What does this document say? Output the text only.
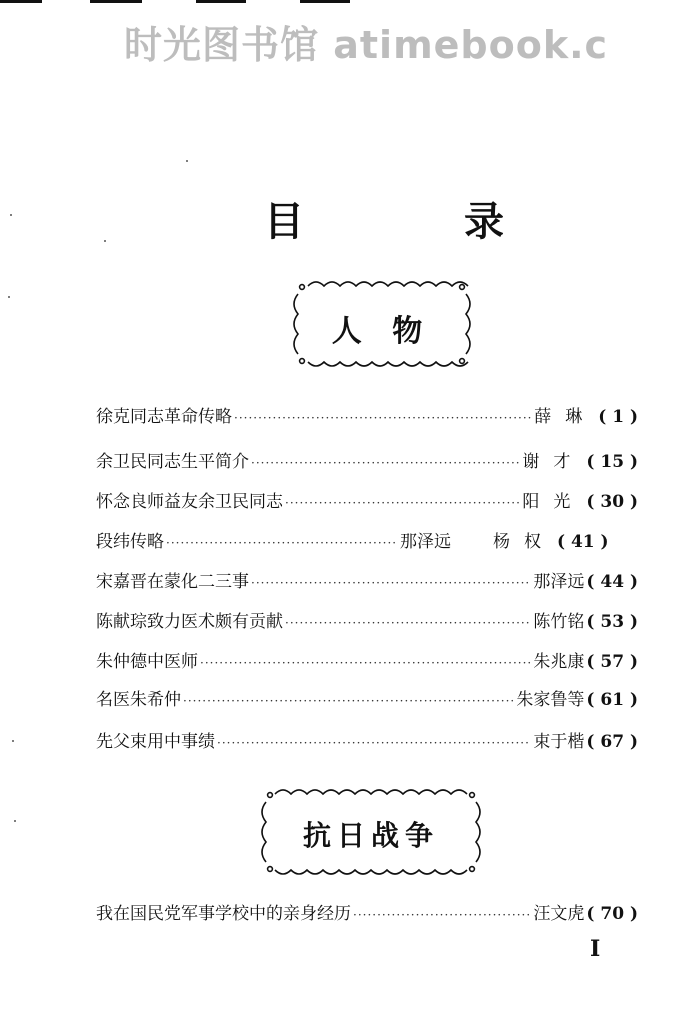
时光图书馆 atimebook.c
目	录
人 物
徐克同志革命传略 ·····	薛琳 ( 1 )
余卫民同志生平简介 ·····	谢才 ( 15 )
怀念良师益友余卫民同志 ·····	阳光 ( 30 )
段纬传略 ·····	那泽远 杨权 ( 41 )
宋嘉晋在蒙化二三事 ·····	那泽远 ( 44 )
陈献琮致力医术颇有贡献 ·····	陈竹铭 ( 53 )
朱仲德中医师 ·····	朱兆康 ( 57 )
名医朱希仲 ·····	朱家鲁等 ( 61 )
先父束用中事绩 ·····	束于楷 ( 67 )
抗日战争
我在国民党军事学校中的亲身经历 ·····	汪文虎 ( 70 )
I
